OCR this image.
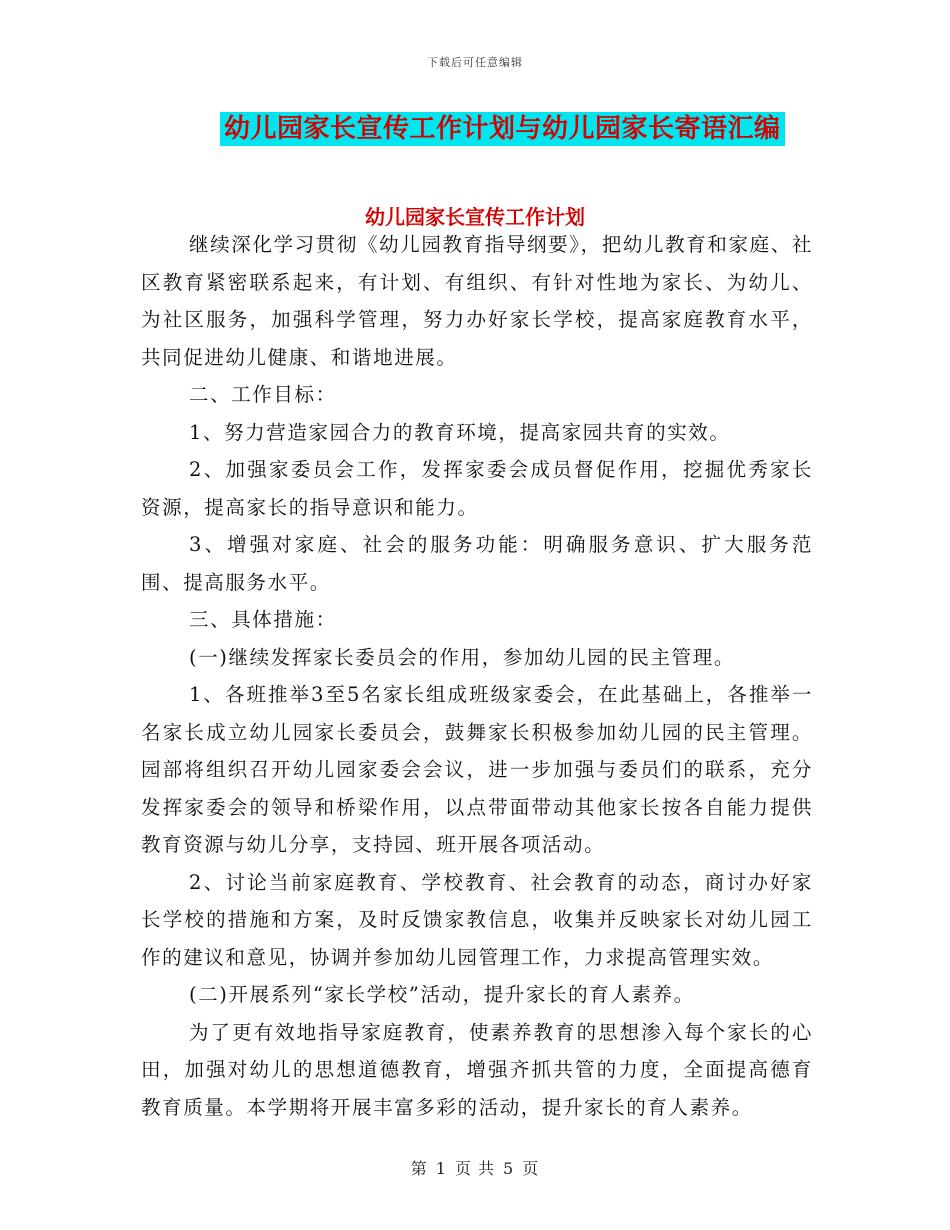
下载后可任意编辑
幼儿园家长宣传工作计划与幼儿园家长寄语汇编
幼儿园家长宣传工作计划

继续深化学习贯彻《幼儿园教育指导纲要》，把幼儿教育和家庭、社区教育紧密联系起来，有计划、有组织、有针对性地为家长、为幼儿、为社区服务，加强科学管理，努力办好家长学校，提高家庭教育水平，共同促进幼儿健康、和谐地进展。

二、工作目标：

1、努力营造家园合力的教育环境，提高家园共育的实效。

2、加强家委员会工作，发挥家委会成员督促作用，挖掘优秀家长资源，提高家长的指导意识和能力。

3、增强对家庭、社会的服务功能：明确服务意识、扩大服务范围、提高服务水平。

三、具体措施：

(一)继续发挥家长委员会的作用，参加幼儿园的民主管理。

1、各班推举3至5名家长组成班级家委会，在此基础上，各推举一名家长成立幼儿园家长委员会，鼓舞家长积极参加幼儿园的民主管理。园部将组织召开幼儿园家委会会议，进一步加强与委员们的联系，充分发挥家委会的领导和桥梁作用，以点带面带动其他家长按各自能力提供教育资源与幼儿分享，支持园、班开展各项活动。

2、讨论当前家庭教育、学校教育、社会教育的动态，商讨办好家长学校的措施和方案，及时反馈家教信息，收集并反映家长对幼儿园工作的建议和意见，协调并参加幼儿园管理工作，力求提高管理实效。

(二)开展系列“家长学校”活动，提升家长的育人素养。

为了更有效地指导家庭教育，使素养教育的思想渗入每个家长的心田，加强对幼儿的思想道德教育，增强齐抓共管的力度，全面提高德育教育质量。本学期将开展丰富多彩的活动，提升家长的育人素养。

第 1 页 共 5 页
